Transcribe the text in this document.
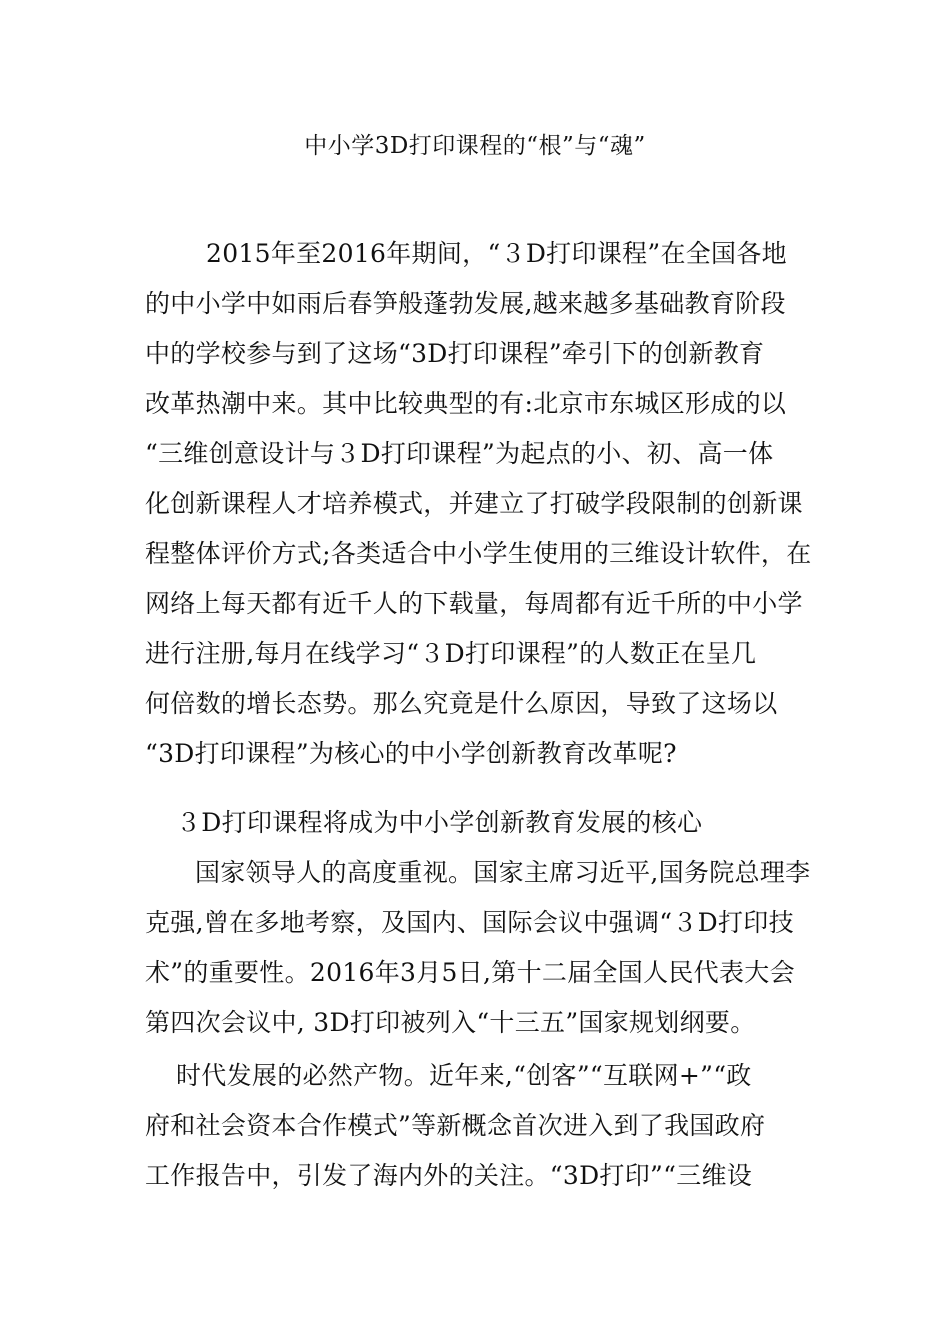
中小学3D打印课程的“根”与“魂”
2015年至2016年期间，“３D打印课程”在全国各地
的中小学中如雨后春笋般蓬勃发展,越来越多基础教育阶段
中的学校参与到了这场“3D打印课程”牵引下的创新教育
改革热潮中来。其中比较典型的有:北京市东城区形成的以
“三维创意设计与３D打印课程”为起点的小、初、高一体
化创新课程人才培养模式，并建立了打破学段限制的创新课
程整体评价方式;各类适合中小学生使用的三维设计软件，在
网络上每天都有近千人的下载量，每周都有近千所的中小学
进行注册,每月在线学习“３D打印课程”的人数正在呈几
何倍数的增长态势。那么究竟是什么原因，导致了这场以
“3D打印课程”为核心的中小学创新教育改革呢?
３D打印课程将成为中小学创新教育发展的核心
国家领导人的高度重视。国家主席习近平,国务院总理李
克强,曾在多地考察，及国内、国际会议中强调“３D打印技
术”的重要性。2016年3月5日,第十二届全国人民代表大会
第四次会议中, 3D打印被列入“十三五”国家规划纲要。
时代发展的必然产物。近年来,“创客”“互联网+”“政
府和社会资本合作模式”等新概念首次进入到了我国政府
工作报告中，引发了海内外的关注。“3D打印”“三维设
